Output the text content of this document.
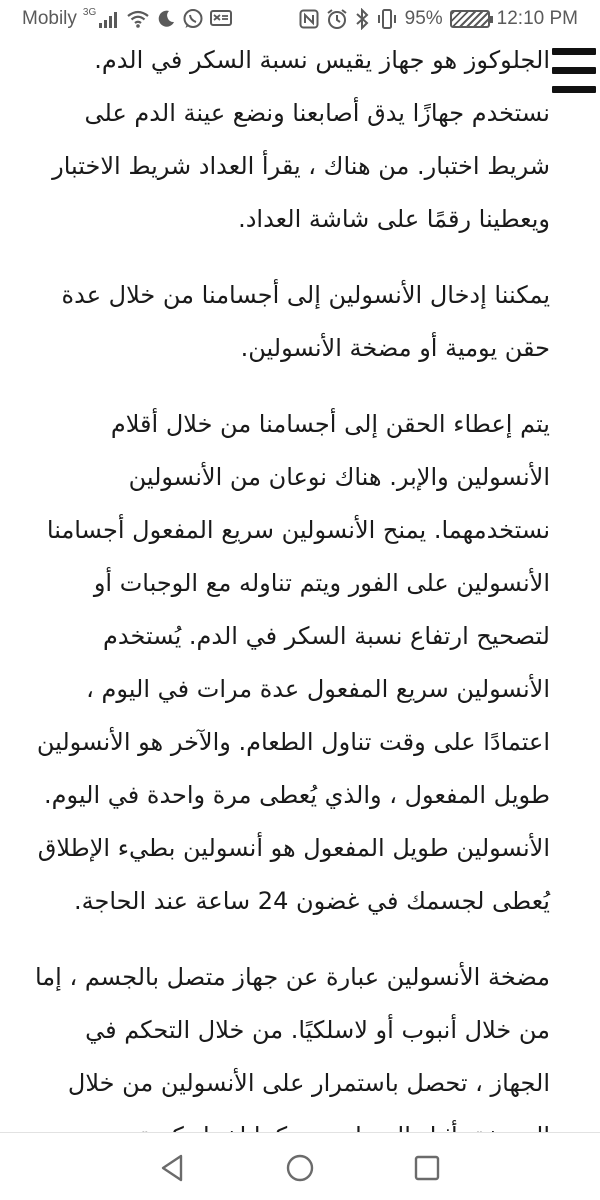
Mobily 3G	95%	12:10 PM

الجلوكوز هو جهاز يقيس نسبة السكر في الدم. نستخدم جهازًا يدق أصابعنا ونضع عينة الدم على شريط اختبار. من هناك ، يقرأ العداد شريط الاختبار ويعطينا رقمًا على شاشة العداد.

يمكننا إدخال الأنسولين إلى أجسامنا من خلال عدة حقن يومية أو مضخة الأنسولين.

يتم إعطاء الحقن إلى أجسامنا من خلال أقلام الأنسولين والإبر. هناك نوعان من الأنسولين نستخدمهما. يمنح الأنسولين سريع المفعول أجسامنا الأنسولين على الفور ويتم تناوله مع الوجبات أو لتصحيح ارتفاع نسبة السكر في الدم. يُستخدم الأنسولين سريع المفعول عدة مرات في اليوم ، اعتمادًا على وقت تناول الطعام. والآخر هو الأنسولين طويل المفعول ، والذي يُعطى مرة واحدة في اليوم. الأنسولين طويل المفعول هو أنسولين بطيء الإطلاق يُعطى لجسمك في غضون 24 ساعة عند الحاجة.

مضخة الأنسولين عبارة عن جهاز متصل بالجسم ، إما من خلال أنبوب أو لاسلكيًا. من خلال التحكم في الجهاز ، تحصل باستمرار على الأنسولين من خلال
